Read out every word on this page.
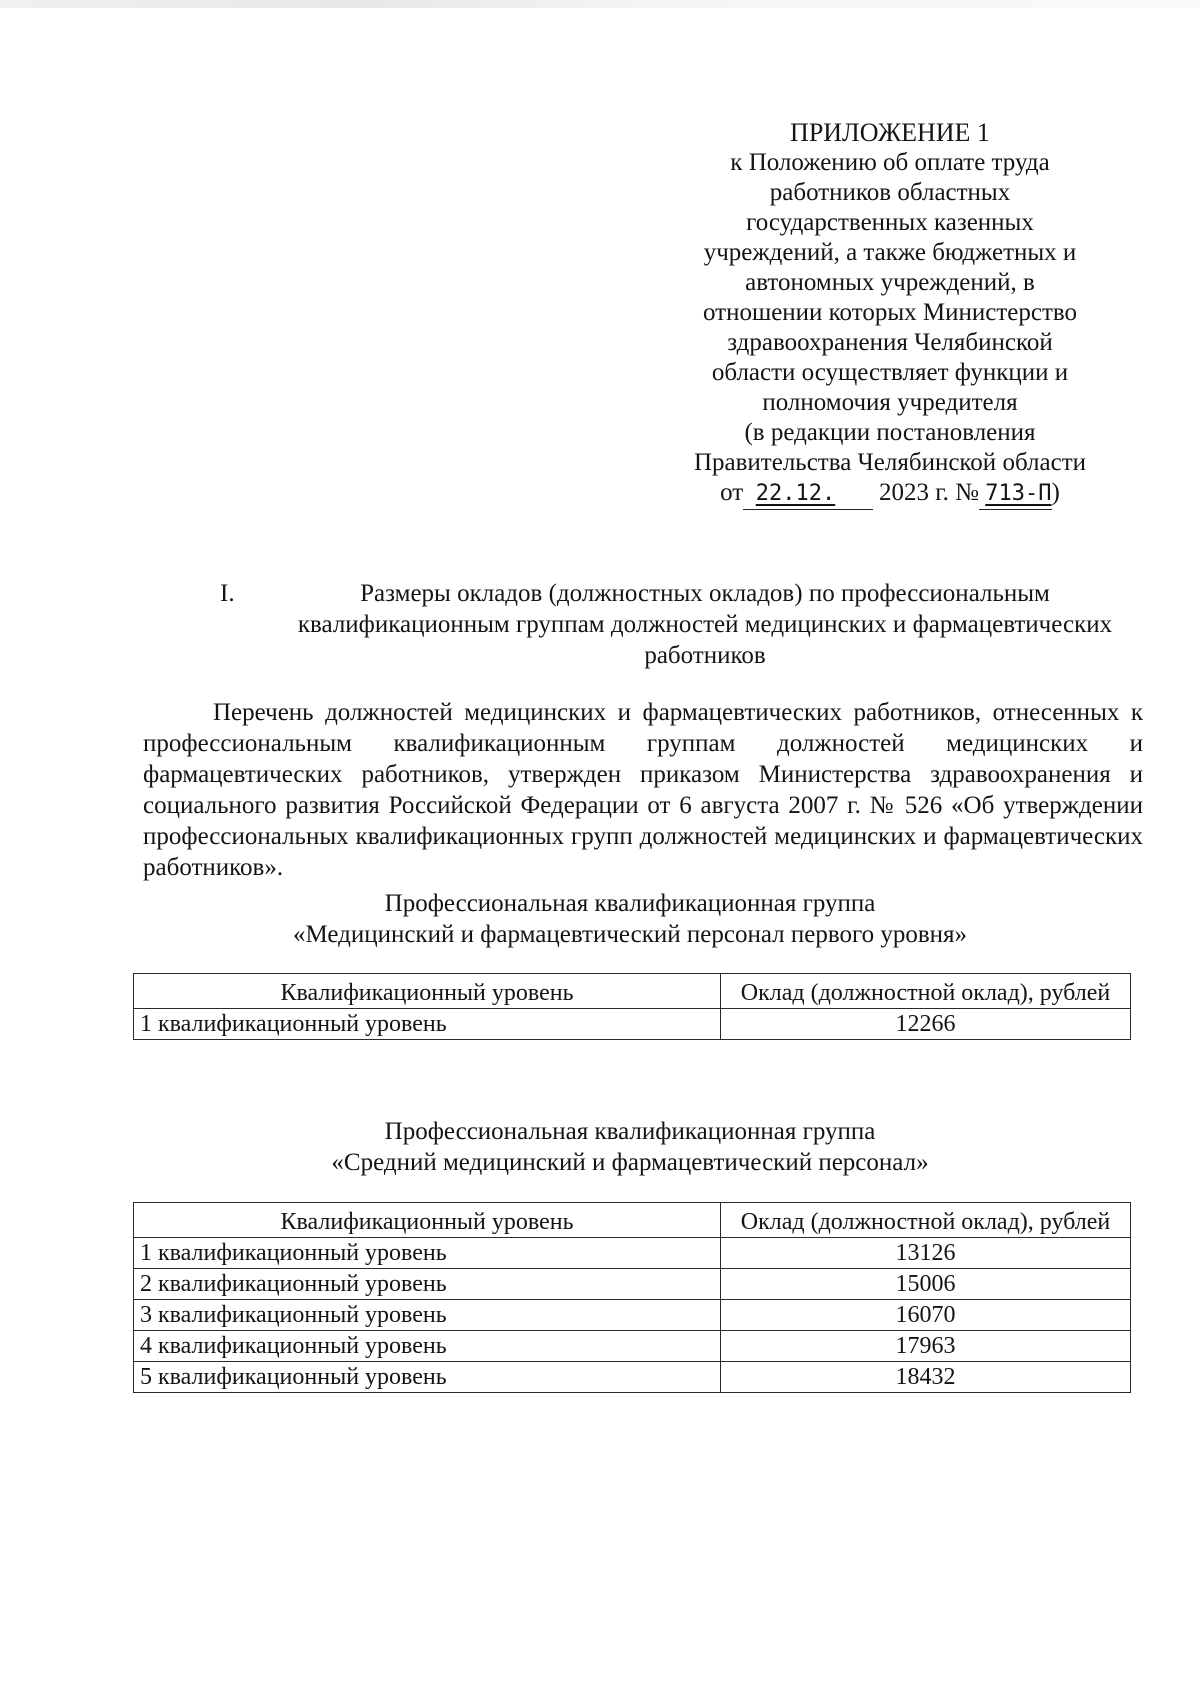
ПРИЛОЖЕНИЕ 1
к Положению об оплате труда
работников областных
государственных казенных
учреждений, а также бюджетных и
автономных учреждений, в
отношении которых Министерство
здравоохранения Челябинской
области осуществляет функции и
полномочия учредителя
(в редакции постановления
Правительства Челябинской области
от 22.12. 2023 г. № 713-П)
I.	Размеры окладов (должностных окладов) по профессиональным квалификационным группам должностей медицинских и фармацевтических работников
Перечень должностей медицинских и фармацевтических работников, отнесенных к профессиональным квалификационным группам должностей медицинских и фармацевтических работников, утвержден приказом Министерства здравоохранения и социального развития Российской Федерации от 6 августа 2007 г. № 526 «Об утверждении профессиональных квалификационных групп должностей медицинских и фармацевтических работников».
Профессиональная квалификационная группа
«Медицинский и фармацевтический персонал первого уровня»
Квалификационный уровень	Оклад (должностной оклад), рублей
1 квалификационный уровень	12266
Профессиональная квалификационная группа
«Средний медицинский и фармацевтический персонал»
Квалификационный уровень	Оклад (должностной оклад), рублей
1 квалификационный уровень	13126
2 квалификационный уровень	15006
3 квалификационный уровень	16070
4 квалификационный уровень	17963
5 квалификационный уровень	18432
